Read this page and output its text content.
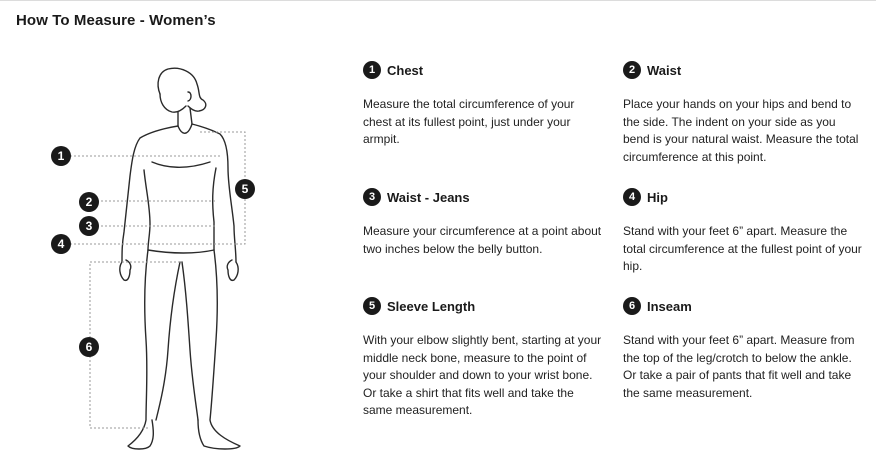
How To Measure - Women’s
1
2
3
4
5
6
1 Chest
Measure the total circumference of your chest at its fullest point, just under your armpit.
2 Waist
Place your hands on your hips and bend to the side. The indent on your side as you bend is your natural waist. Measure the total circumference at this point.
3 Waist - Jeans
Measure your circumference at a point about two inches below the belly button.
4 Hip
Stand with your feet 6” apart. Measure the total circumference at the fullest point of your hip.
5 Sleeve Length
With your elbow slightly bent, starting at your middle neck bone, measure to the point of your shoulder and down to your wrist bone. Or take a shirt that fits well and take the same measurement.
6 Inseam
Stand with your feet 6” apart. Measure from the top of the leg/crotch to below the ankle. Or take a pair of pants that fit well and take the same measurement.
